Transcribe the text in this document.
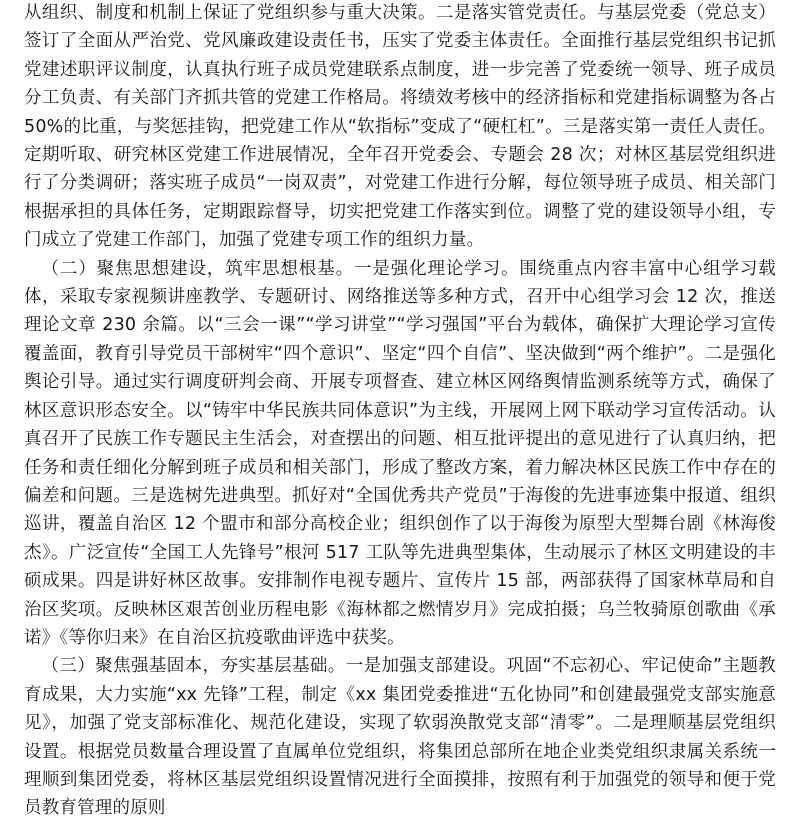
从组织、制度和机制上保证了党组织参与重大决策。二是落实管党责任。与基层党委（党总支）签订了全面从严治党、党风廉政建设责任书，压实了党委主体责任。全面推行基层党组织书记抓党建述职评议制度，认真执行班子成员党建联系点制度，进一步完善了党委统一领导、班子成员分工负责、有关部门齐抓共管的党建工作格局。将绩效考核中的经济指标和党建指标调整为各占 50%的比重，与奖惩挂钩，把党建工作从“软指标”变成了“硬杠杠”。三是落实第一责任人责任。定期听取、研究林区党建工作进展情况，全年召开党委会、专题会 28 次；对林区基层党组织进行了分类调研；落实班子成员“一岗双责”，对党建工作进行分解，每位领导班子成员、相关部门根据承担的具体任务，定期跟踪督导，切实把党建工作落实到位。调整了党的建设领导小组，专门成立了党建工作部门，加强了党建专项工作的组织力量。

（二）聚焦思想建设，筑牢思想根基。一是强化理论学习。围绕重点内容丰富中心组学习载体，采取专家视频讲座教学、专题研讨、网络推送等多种方式，召开中心组学习会 12 次，推送理论文章 230 余篇。以“三会一课”“学习讲堂”“学习强国”平台为载体，确保扩大理论学习宣传覆盖面，教育引导党员干部树牢“四个意识”、坚定“四个自信”、坚决做到“两个维护”。二是强化舆论引导。通过实行调度研判会商、开展专项督查、建立林区网络舆情监测系统等方式，确保了林区意识形态安全。以“铸牢中华民族共同体意识”为主线，开展网上网下联动学习宣传活动。认真召开了民族工作专题民主生活会，对查摆出的问题、相互批评提出的意见进行了认真归纳，把任务和责任细化分解到班子成员和相关部门，形成了整改方案，着力解决林区民族工作中存在的偏差和问题。三是选树先进典型。抓好对“全国优秀共产党员”于海俊的先进事迹集中报道、组织巡讲，覆盖自治区 12 个盟市和部分高校企业；组织创作了以于海俊为原型大型舞台剧《林海俊杰》。广泛宣传“全国工人先锋号”根河 517 工队等先进典型集体，生动展示了林区文明建设的丰硕成果。四是讲好林区故事。安排制作电视专题片、宣传片 15 部，两部获得了国家林草局和自治区奖项。反映林区艰苦创业历程电影《海林都之燃情岁月》完成拍摄；乌兰牧骑原创歌曲《承诺》《等你归来》在自治区抗疫歌曲评选中获奖。

（三）聚焦强基固本，夯实基层基础。一是加强支部建设。巩固“不忘初心、牢记使命”主题教育成果，大力实施“xx 先锋”工程，制定《xx 集团党委推进“五化协同”和创建最强党支部实施意见》，加强了党支部标准化、规范化建设，实现了软弱涣散党支部“清零”。二是理顺基层党组织设置。根据党员数量合理设置了直属单位党组织，将集团总部所在地企业类党组织隶属关系统一理顺到集团党委，将林区基层党组织设置情况进行全面摸排，按照有利于加强党的领导和便于党员教育管理的原则
